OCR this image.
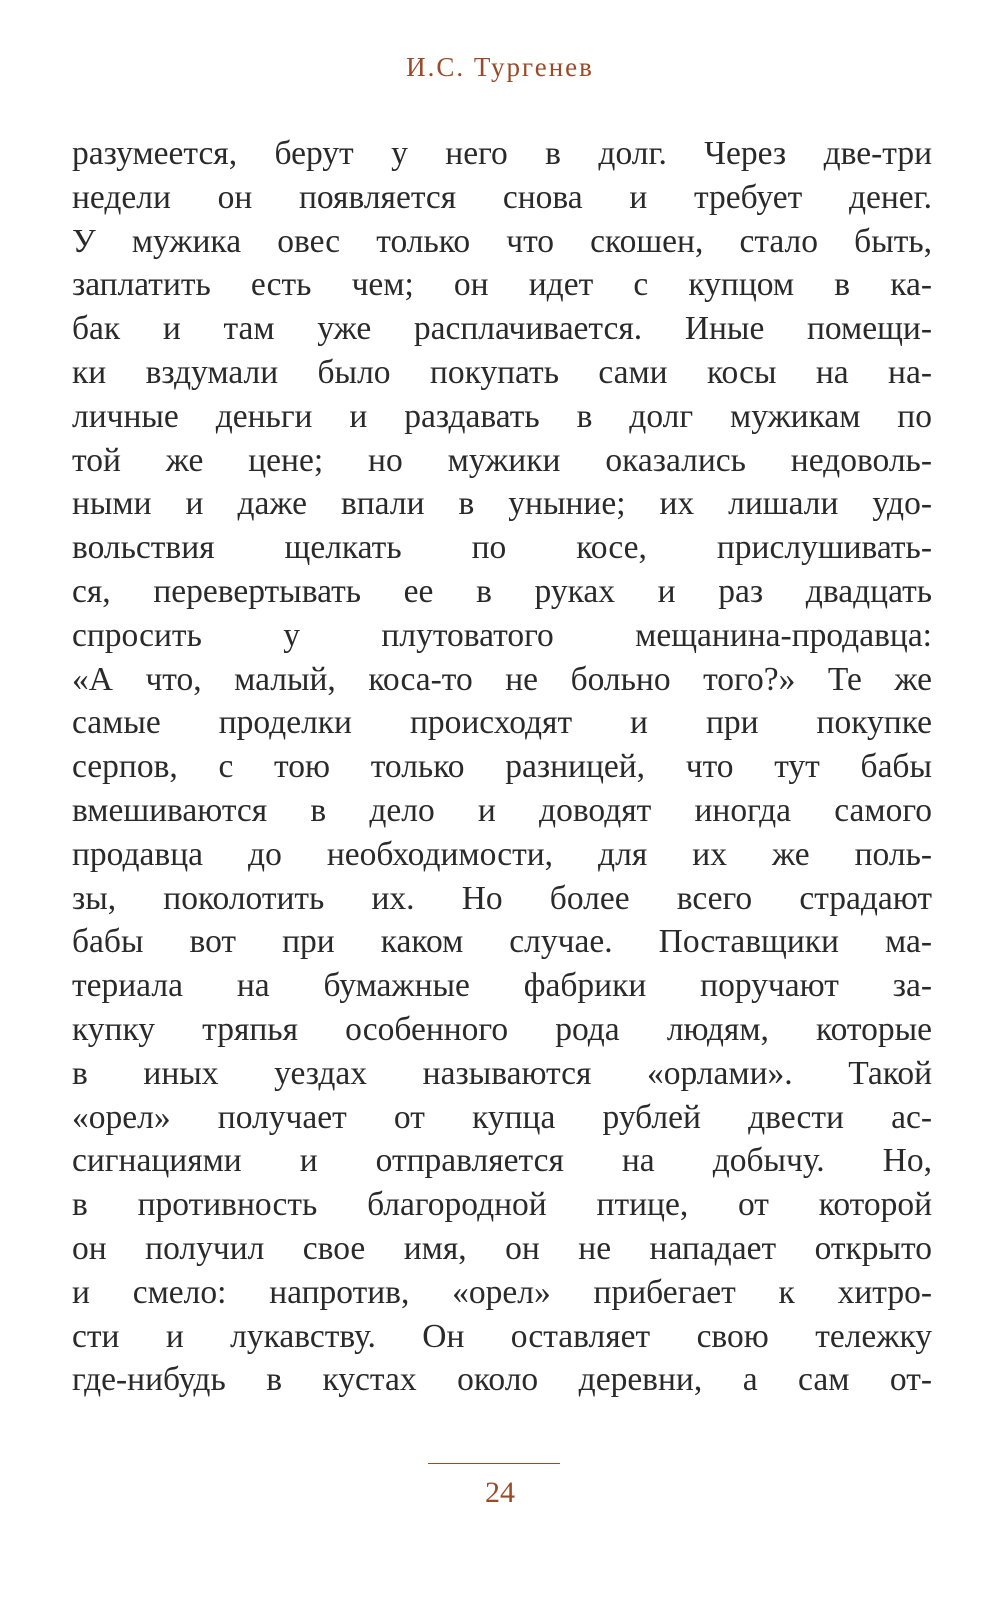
И.С. Тургенев
разумеется, берут у него в долг. Через две-три
недели он появляется снова и требует денег.
У мужика овес только что скошен, стало быть,
заплатить есть чем; он идет с купцом в ка-
бак и там уже расплачивается. Иные помещи-
ки вздумали было покупать сами косы на на-
личные деньги и раздавать в долг мужикам по
той же цене; но мужики оказались недоволь-
ными и даже впали в уныние; их лишали удо-
вольствия щелкать по косе, прислушивать-
ся, перевертывать ее в руках и раз двадцать
спросить у плутоватого мещанина-продавца:
«А что, малый, коса-то не больно того?» Те же
самые проделки происходят и при покупке
серпов, с тою только разницей, что тут бабы
вмешиваются в дело и доводят иногда самого
продавца до необходимости, для их же поль-
зы, поколотить их. Но более всего страдают
бабы вот при каком случае. Поставщики ма-
териала на бумажные фабрики поручают за-
купку тряпья особенного рода людям, которые
в иных уездах называются «орлами». Такой
«орел» получает от купца рублей двести ас-
сигнациями и отправляется на добычу. Но,
в противность благородной птице, от которой
он получил свое имя, он не нападает открыто
и смело: напротив, «орел» прибегает к хитро-
сти и лукавству. Он оставляет свою тележку
где-нибудь в кустах около деревни, а сам от-
24
